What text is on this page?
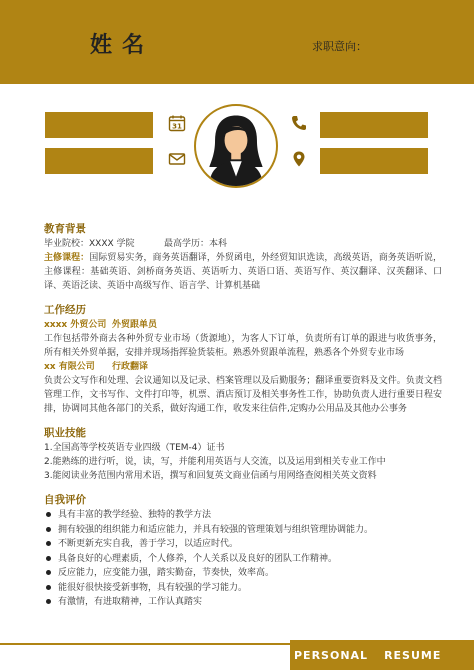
姓名	求职意向：
31
教育背景
毕业院校：XXXX 学院	最高学历：本科
主修课程：国际贸易实务，商务英语翻译，外贸函电，外经贸知识选读，高级英语，商务英语听说，主修课程：基础英语、剑桥商务英语、英语听力、英语口语、英语写作、英汉翻译、汉英翻译、口译、英语泛读、英语中高级写作、语言学、计算机基础
工作经历
xxxx 外贸公司 外贸跟单员
工作包括带外商去各种外贸专业市场（货源地），为客人下订单，负责所有订单的跟进与收货事务，所有相关外贸单据，安排并现场指挥验货装柜。熟悉外贸跟单流程，熟悉各个外贸专业市场
xx 有限公司	行政翻译
负责公文写作和处理、会议通知以及记录、档案管理以及后勤服务；翻译重要资料及文件。负责文档管理工作，文书写作、文件打印等，机票、酒店预订及相关事务性工作，协助负责人进行重要日程安排，协调同其他各部门的关系，做好沟通工作，收发来往信件,定购办公用品及其他办公事务
职业技能
1.全国高等学校英语专业四级（TEM-4）证书
2.能熟练的进行听，说，读，写，并能利用英语与人交流，以及运用到相关专业工作中
3.能阅读业务范围内常用术语，撰写和回复英文商业信函与用网络查阅相关英文资料
自我评价
具有丰富的教学经验、独特的教学方法
拥有较强的组织能力和适应能力，并具有较强的管理策划与组织管理协调能力。
不断更新充实自我，善于学习，以适应时代。
具备良好的心理素质，个人修养，个人关系以及良好的团队工作精神。
反应能力，应变能力强，踏实勤奋，节奏快，效率高。
能很好很快接受新事物，具有较强的学习能力。
有激情，有进取精神，工作认真踏实
PERSONAL RESUME
